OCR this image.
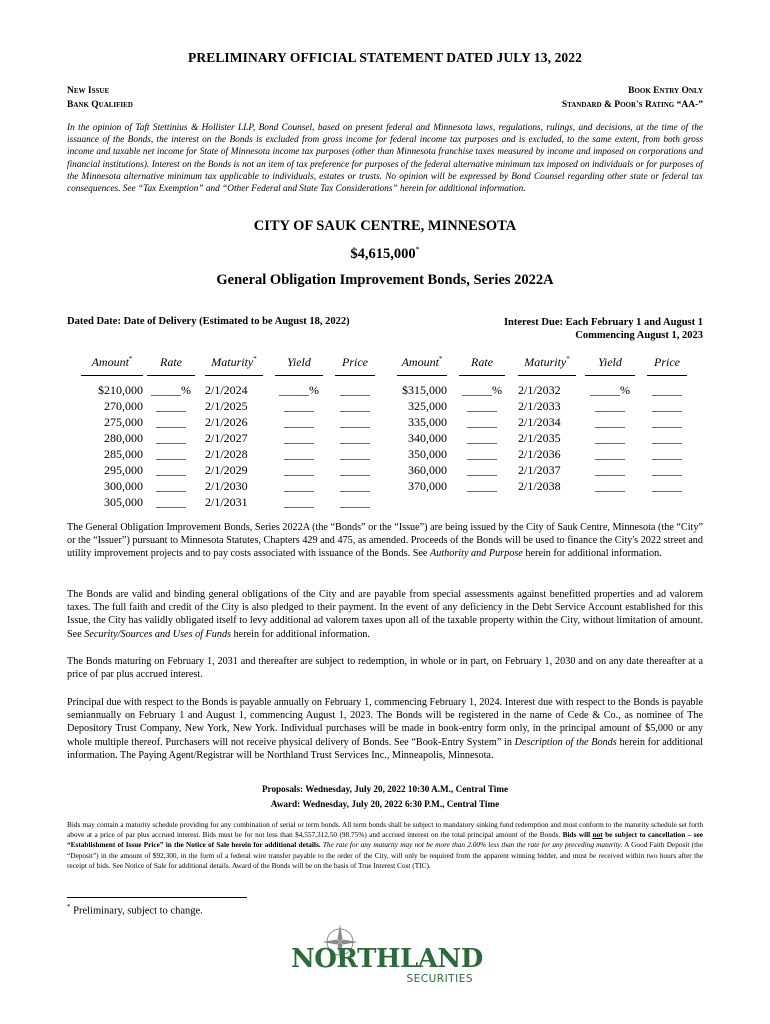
PRELIMINARY OFFICIAL STATEMENT DATED JULY 13, 2022
New Issue
Bank Qualified
Book Entry Only
Standard & Poor's Rating “AA-”
In the opinion of Taft Stettinius & Hollister LLP, Bond Counsel, based on present federal and Minnesota laws, regulations, rulings, and decisions, at the time of the issuance of the Bonds, the interest on the Bonds is excluded from gross income for federal income tax purposes and is excluded, to the same extent, from both gross income and taxable net income for State of Minnesota income tax purposes (other than Minnesota franchise taxes measured by income and imposed on corporations and financial institutions). Interest on the Bonds is not an item of tax preference for purposes of the federal alternative minimum tax imposed on individuals or for purposes of the Minnesota alternative minimum tax applicable to individuals, estates or trusts. No opinion will be expressed by Bond Counsel regarding other state or federal tax consequences. See “Tax Exemption” and “Other Federal and State Tax Considerations” herein for additional information.
CITY OF SAUK CENTRE, MINNESOTA
$4,615,000*
General Obligation Improvement Bonds, Series 2022A
Dated Date: Date of Delivery (Estimated to be August 18, 2022)	Interest Due: Each February 1 and August 1
Commencing August 1, 2023
Amount*
$210,000
270,000
275,000
280,000
285,000
295,000
300,000
305,000
Rate
_____%
_____
_____
_____
_____
_____
_____
_____
Maturity*
2/1/2024
2/1/2025
2/1/2026
2/1/2027
2/1/2028
2/1/2029
2/1/2030
2/1/2031
Yield
_____%
_____
_____
_____
_____
_____
_____
_____
Price
_____
_____
_____
_____
_____
_____
_____
_____
Amount*
$315,000
325,000
335,000
340,000
350,000
360,000
370,000
Rate
_____%
_____
_____
_____
_____
_____
_____
Maturity*
2/1/2032
2/1/2033
2/1/2034
2/1/2035
2/1/2036
2/1/2037
2/1/2038
Yield
_____%
_____
_____
_____
_____
_____
_____
Price
_____
_____
_____
_____
_____
_____
_____
The General Obligation Improvement Bonds, Series 2022A (the “Bonds” or the “Issue”) are being issued by the City of Sauk Centre, Minnesota (the “City” or the “Issuer”) pursuant to Minnesota Statutes, Chapters 429 and 475, as amended. Proceeds of the Bonds will be used to finance the City's 2022 street and utility improvement projects and to pay costs associated with issuance of the Bonds. See Authority and Purpose herein for additional information.
The Bonds are valid and binding general obligations of the City and are payable from special assessments against benefitted properties and ad valorem taxes. The full faith and credit of the City is also pledged to their payment. In the event of any deficiency in the Debt Service Account established for this Issue, the City has validly obligated itself to levy additional ad valorem taxes upon all of the taxable property within the City, without limitation of amount. See Security/Sources and Uses of Funds herein for additional information.
The Bonds maturing on February 1, 2031 and thereafter are subject to redemption, in whole or in part, on February 1, 2030 and on any date thereafter at a price of par plus accrued interest.
Principal due with respect to the Bonds is payable annually on February 1, commencing February 1, 2024. Interest due with respect to the Bonds is payable semiannually on February 1 and August 1, commencing August 1, 2023. The Bonds will be registered in the name of Cede & Co., as nominee of The Depository Trust Company, New York, New York. Individual purchases will be made in book-entry form only, in the principal amount of $5,000 or any whole multiple thereof. Purchasers will not receive physical delivery of Bonds. See “Book-Entry System” in Description of the Bonds herein for additional information. The Paying Agent/Registrar will be Northland Trust Services Inc., Minneapolis, Minnesota.
Proposals: Wednesday, July 20, 2022 10:30 A.M., Central Time
Award: Wednesday, July 20, 2022 6:30 P.M., Central Time
Bids may contain a maturity schedule providing for any combination of serial or term bonds. All term bonds shall be subject to mandatory sinking fund redemption and must conform to the maturity schedule set forth above at a price of par plus accrued interest. Bids must be for not less than $4,557,312.50 (98.75%) and accrued interest on the total principal amount of the Bonds. Bids will not be subject to cancellation – see “Establishment of Issue Price” in the Notice of Sale herein for additional details. The rate for any maturity may not be more than 2.00% less than the rate for any preceding maturity. A Good Faith Deposit (the “Deposit”) in the amount of $92,300, in the form of a federal wire transfer payable to the order of the City, will only be required from the apparent winning bidder, and must be received within two hours after the receipt of bids. See Notice of Sale for additional details. Award of the Bonds will be on the basis of True Interest Cost (TIC).
* Preliminary, subject to change.
NORTHLAND
SECURITIES
